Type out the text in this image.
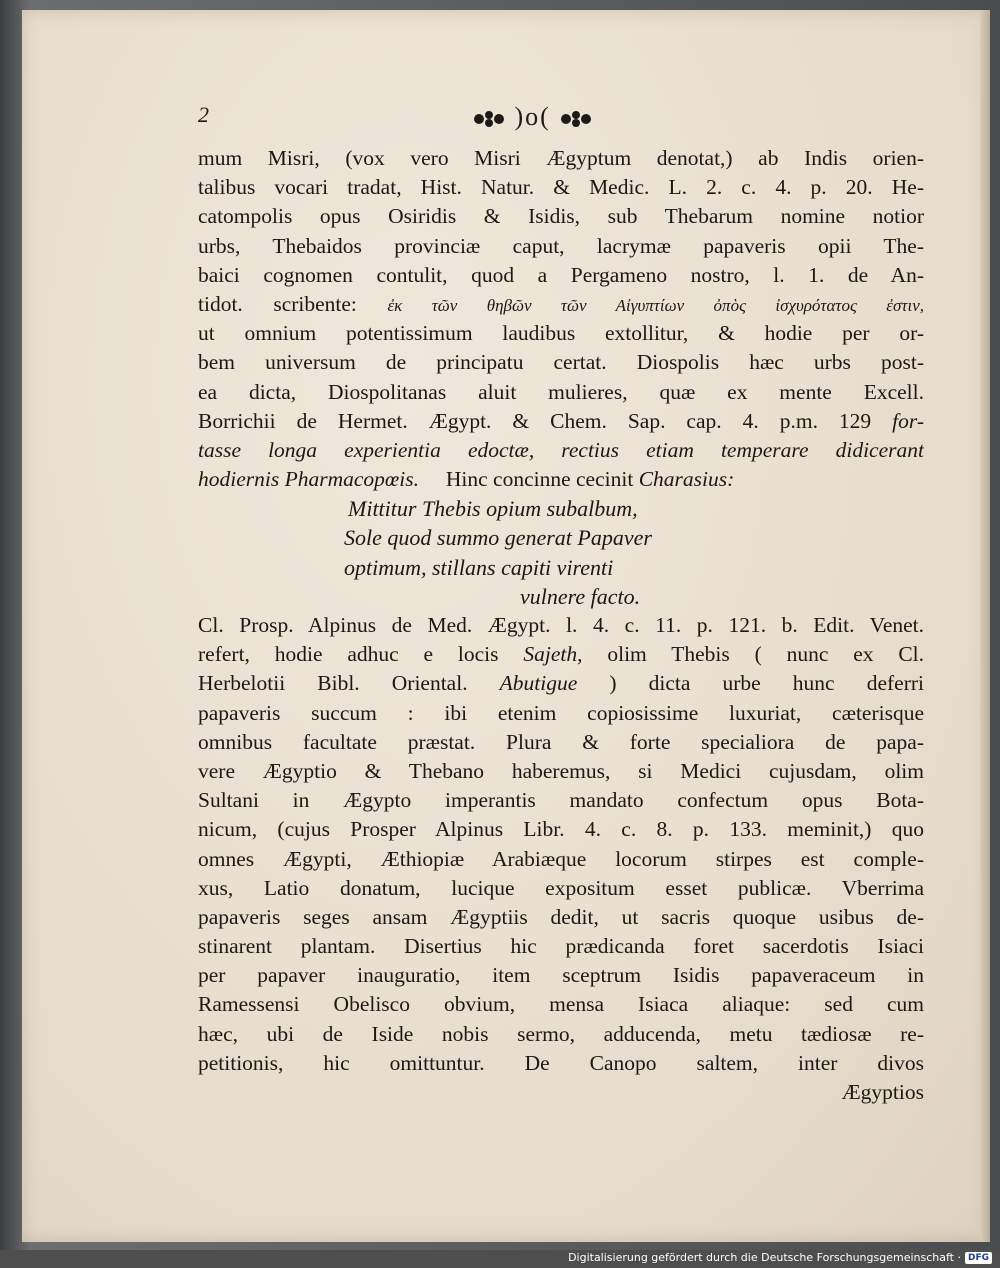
2	)o(
mum Misri, (vox vero Misri Ægyptum denotat,) ab Indis orien-
talibus vocari tradat, Hist. Natur. & Medic. L. 2. c. 4. p. 20. He-
catompolis opus Osiridis & Isidis, sub Thebarum nomine notior
urbs, Thebaidos provinciæ caput, lacrymæ papaveris opii The-
baici cognomen contulit, quod a Pergameno nostro, l. 1. de An-
tidot. scribente: ἐκ τῶν θηβῶν τῶν Αἰγυπτίων ὀπὸς ἰσχυρότατος ἐστιν,
ut omnium potentissimum laudibus extollitur, & hodie per or-
bem universum de principatu certat. Diospolis hæc urbs post-
ea dicta, Diospolitanas aluit mulieres, quæ ex mente Excell.
Borrichii de Hermet. Ægypt. & Chem. Sap. cap. 4. p.m. 129 for-
tasse longa experientia edoctæ, rectius etiam temperare didicerant
hodiernis Pharmacopœis. Hinc concinne cecinit Charasius:
Mittitur Thebis opium subalbum,
Sole quod summo generat Papaver
optimum, stillans capiti virenti
vulnere facto.
Cl. Prosp. Alpinus de Med. Ægypt. l. 4. c. 11. p. 121. b. Edit. Venet.
refert, hodie adhuc e locis Sajeth, olim Thebis ( nunc ex Cl.
Herbelotii Bibl. Oriental. Abutigue ) dicta urbe hunc deferri
papaveris succum : ibi etenim copiosissime luxuriat, cæterisque
omnibus facultate præstat. Plura & forte specialiora de papa-
vere Ægyptio & Thebano haberemus, si Medici cujusdam, olim
Sultani in Ægypto imperantis mandato confectum opus Bota-
nicum, (cujus Prosper Alpinus Libr. 4. c. 8. p. 133. meminit,) quo
omnes Ægypti, Æthiopiæ Arabiæque locorum stirpes est comple-
xus, Latio donatum, lucique expositum esset publicæ. Vberrima
papaveris seges ansam Ægyptiis dedit, ut sacris quoque usibus de-
stinarent plantam. Disertius hic prædicanda foret sacerdotis Isiaci
per papaver inauguratio, item sceptrum Isidis papaveraceum in
Ramessensi Obelisco obvium, mensa Isiaca aliaque: sed cum
hæc, ubi de Iside nobis sermo, adducenda, metu tædiosæ re-
petitionis, hic omittuntur. De Canopo saltem, inter divos
Ægyptios
Digitalisierung gefördert durch die Deutsche Forschungsgemeinschaft · DFG
